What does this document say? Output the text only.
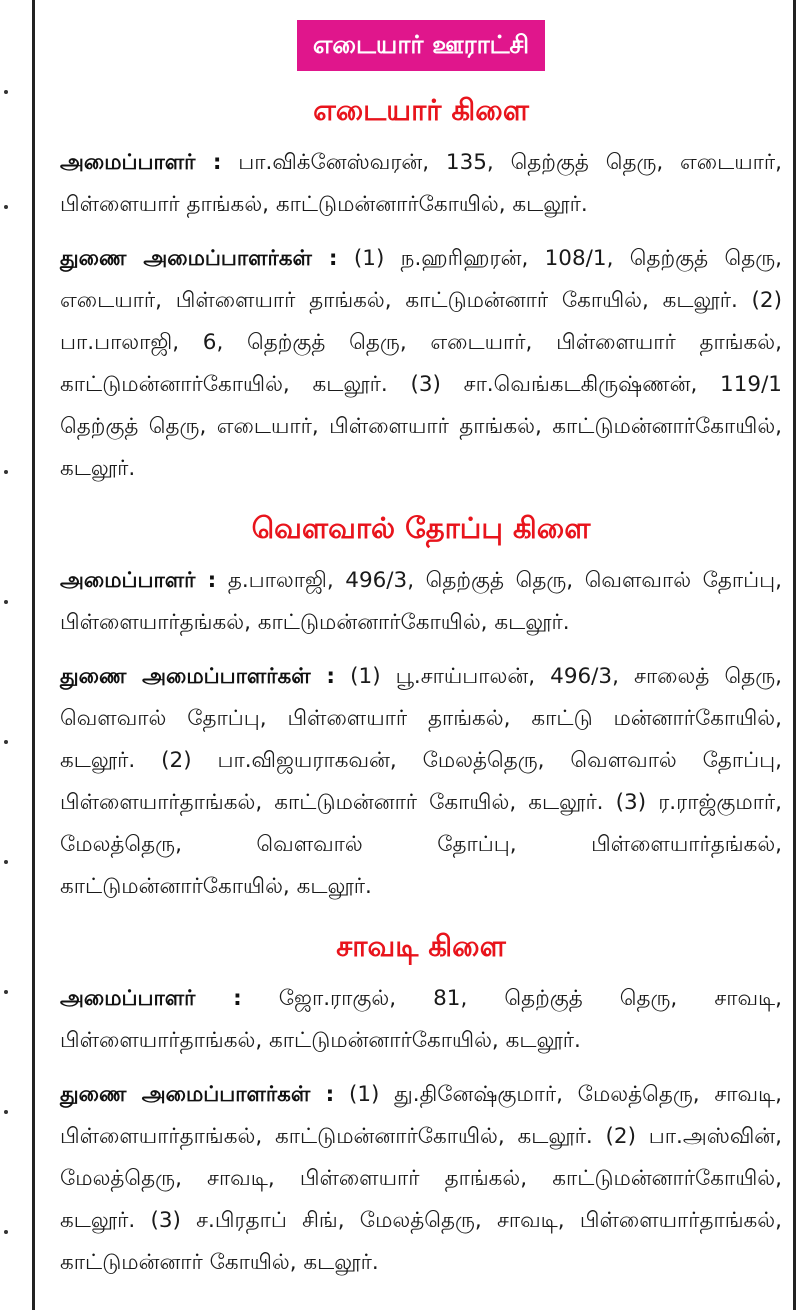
எடையார் ஊராட்சி
எடையார் கிளை

அமைப்பாளர் : பா.விக்னேஸ்வரன், 135, தெற்குத் தெரு, எடையார், பிள்ளையார் தாங்கல், காட்டுமன்னார்கோயில், கடலூர்.

துணை அமைப்பாளர்கள் : (1) ந.ஹரிஹரன், 108/1, தெற்குத் தெரு, எடையார், பிள்ளையார் தாங்கல், காட்டுமன்னார் கோயில், கடலூர். (2) பா.பாலாஜி, 6, தெற்குத் தெரு, எடையார், பிள்ளையார் தாங்கல், காட்டுமன்னார்கோயில், கடலூர். (3) சா.வெங்கடகிருஷ்ணன், 119/1 தெற்குத் தெரு, எடையார், பிள்ளையார் தாங்கல், காட்டுமன்னார்கோயில், கடலூர்.

வெளவால் தோப்பு கிளை

அமைப்பாளர் : த.பாலாஜி, 496/3, தெற்குத் தெரு, வெளவால் தோப்பு, பிள்ளையார்தங்கல், காட்டுமன்னார்கோயில், கடலூர்.

துணை அமைப்பாளர்கள் : (1) பூ.சாய்பாலன், 496/3, சாலைத் தெரு, வெளவால் தோப்பு, பிள்ளையார் தாங்கல், காட்டு மன்னார்கோயில், கடலூர். (2) பா.விஜயராகவன், மேலத்தெரு, வெளவால் தோப்பு, பிள்ளையார்தாங்கல், காட்டுமன்னார் கோயில், கடலூர். (3) ர.ராஜ்குமார், மேலத்தெரு, வெளவால் தோப்பு, பிள்ளையார்தங்கல், காட்டுமன்னார்கோயில், கடலூர்.

சாவடி கிளை

அமைப்பாளர் : ஜோ.ராகுல், 81, தெற்குத் தெரு, சாவடி, பிள்ளையார்தாங்கல், காட்டுமன்னார்கோயில், கடலூர்.

துணை அமைப்பாளர்கள் : (1) து.தினேஷ்குமார், மேலத்தெரு, சாவடி, பிள்ளையார்தாங்கல், காட்டுமன்னார்கோயில், கடலூர். (2) பா.அஸ்வின், மேலத்தெரு, சாவடி, பிள்ளையார் தாங்கல், காட்டுமன்னார்கோயில், கடலூர். (3) ச.பிரதாப் சிங், மேலத்தெரு, சாவடி, பிள்ளையார்தாங்கல், காட்டுமன்னார் கோயில், கடலூர்.
